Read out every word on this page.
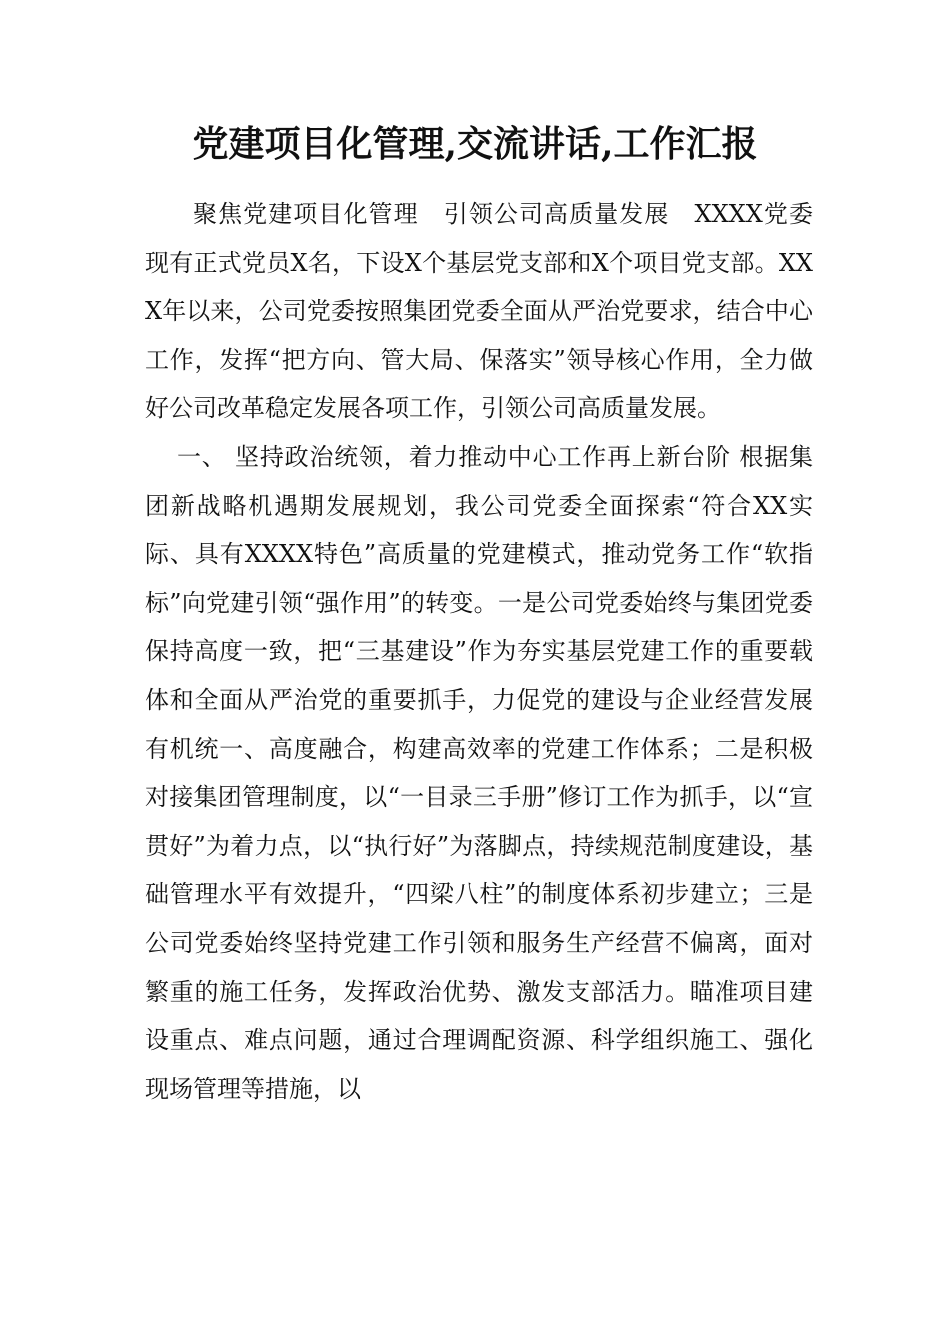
党建项目化管理,交流讲话,工作汇报

聚焦党建项目化管理　引领公司高质量发展　XXXX党委现有正式党员X名，下设X个基层党支部和X个项目党支部。XXX年以来，公司党委按照集团党委全面从严治党要求，结合中心工作，发挥“把方向、管大局、保落实”领导核心作用，全力做好公司改革稳定发展各项工作，引领公司高质量发展。

一、 坚持政治统领，着力推动中心工作再上新台阶 根据集团新战略机遇期发展规划，我公司党委全面探索“符合XX实际、具有XXXX特色”高质量的党建模式，推动党务工作“软指标”向党建引领“强作用”的转变。一是公司党委始终与集团党委保持高度一致，把“三基建设”作为夯实基层党建工作的重要载体和全面从严治党的重要抓手，力促党的建设与企业经营发展有机统一、高度融合，构建高效率的党建工作体系；二是积极对接集团管理制度，以“一目录三手册”修订工作为抓手，以“宣贯好”为着力点，以“执行好”为落脚点，持续规范制度建设，基础管理水平有效提升，“四梁八柱”的制度体系初步建立；三是公司党委始终坚持党建工作引领和服务生产经营不偏离，面对繁重的施工任务，发挥政治优势、激发支部活力。瞄准项目建设重点、难点问题，通过合理调配资源、科学组织施工、强化现场管理等措施，以
